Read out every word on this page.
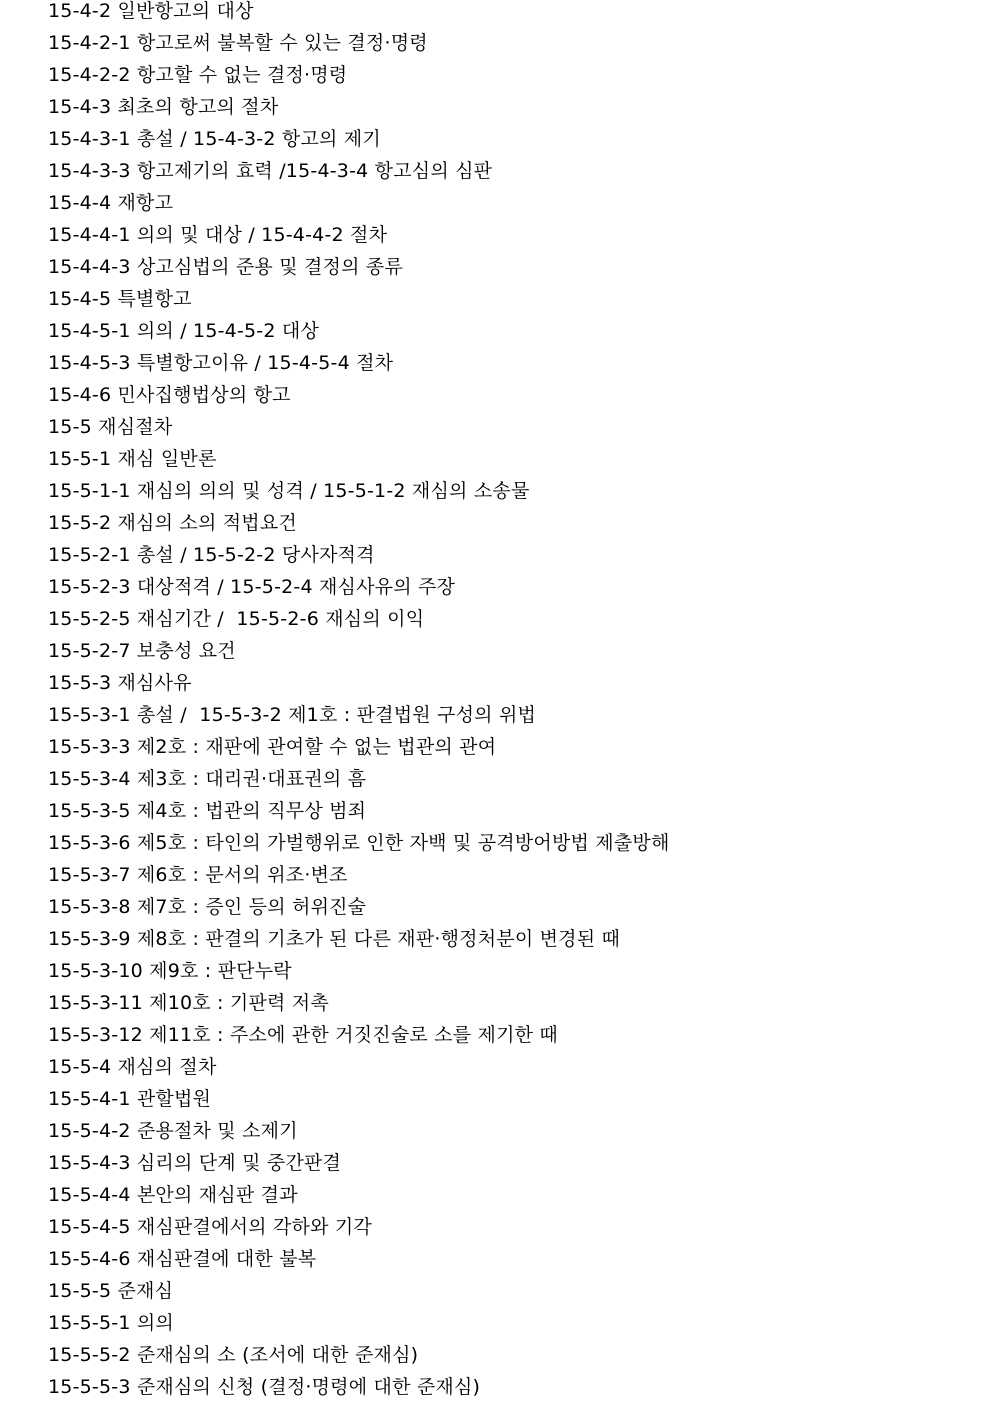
15-4-2 일반항고의 대상
15-4-2-1 항고로써 불복할 수 있는 결정·명령
15-4-2-2 항고할 수 없는 결정·명령
15-4-3 최초의 항고의 절차
15-4-3-1 총설 / 15-4-3-2 항고의 제기
15-4-3-3 항고제기의 효력 /15-4-3-4 항고심의 심판
15-4-4 재항고
15-4-4-1 의의 및 대상 / 15-4-4-2 절차
15-4-4-3 상고심법의 준용 및 결정의 종류
15-4-5 특별항고
15-4-5-1 의의 / 15-4-5-2 대상
15-4-5-3 특별항고이유 / 15-4-5-4 절차
15-4-6 민사집행법상의 항고
15-5 재심절차
15-5-1 재심 일반론
15-5-1-1 재심의 의의 및 성격 / 15-5-1-2 재심의 소송물
15-5-2 재심의 소의 적법요건
15-5-2-1 총설 / 15-5-2-2 당사자적격
15-5-2-3 대상적격 / 15-5-2-4 재심사유의 주장
15-5-2-5 재심기간 /  15-5-2-6 재심의 이익
15-5-2-7 보충성 요건
15-5-3 재심사유
15-5-3-1 총설 /  15-5-3-2 제1호 : 판결법원 구성의 위법
15-5-3-3 제2호 : 재판에 관여할 수 없는 법관의 관여
15-5-3-4 제3호 : 대리권·대표권의 흠
15-5-3-5 제4호 : 법관의 직무상 범죄
15-5-3-6 제5호 : 타인의 가벌행위로 인한 자백 및 공격방어방법 제출방해
15-5-3-7 제6호 : 문서의 위조·변조
15-5-3-8 제7호 : 증인 등의 허위진술
15-5-3-9 제8호 : 판결의 기초가 된 다른 재판·행정처분이 변경된 때
15-5-3-10 제9호 : 판단누락
15-5-3-11 제10호 : 기판력 저촉
15-5-3-12 제11호 : 주소에 관한 거짓진술로 소를 제기한 때
15-5-4 재심의 절차
15-5-4-1 관할법원
15-5-4-2 준용절차 및 소제기
15-5-4-3 심리의 단계 및 중간판결
15-5-4-4 본안의 재심판 결과
15-5-4-5 재심판결에서의 각하와 기각
15-5-4-6 재심판결에 대한 불복
15-5-5 준재심
15-5-5-1 의의
15-5-5-2 준재심의 소 (조서에 대한 준재심)
15-5-5-3 준재심의 신청 (결정·명령에 대한 준재심)
